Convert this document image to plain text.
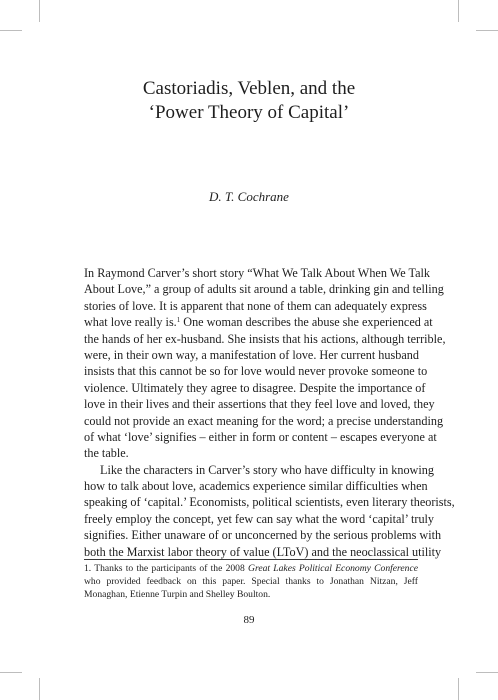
Castoriadis, Veblen, and the
‘Power Theory of Capital’

D. T. Cochrane

In Raymond Carver’s short story “What We Talk About When We Talk
About Love,” a group of adults sit around a table, drinking gin and telling
stories of love. It is apparent that none of them can adequately express
what love really is.$^1$ One woman describes the abuse she experienced at
the hands of her ex-husband. She insists that his actions, although terrible,
were, in their own way, a manifestation of love. Her current husband
insists that this cannot be so for love would never provoke someone to
violence. Ultimately they agree to disagree. Despite the importance of
love in their lives and their assertions that they feel love and loved, they
could not provide an exact meaning for the word; a precise understanding
of what ‘love’ signifies – either in form or content – escapes everyone at
the table.
Like the characters in Carver’s story who have difficulty in knowing
how to talk about love, academics experience similar difficulties when
speaking of ‘capital.’ Economists, political scientists, even literary theorists,
freely employ the concept, yet few can say what the word ‘capital’ truly
signifies. Either unaware of or unconcerned by the serious problems with
both the Marxist labor theory of value (LToV) and the neoclassical utility
1. Thanks to the participants of the 2008 Great Lakes Political Economy Conference
who provided feedback on this paper. Special thanks to Jonathan Nitzan, Jeff
Monaghan, Etienne Turpin and Shelley Boulton.
89
